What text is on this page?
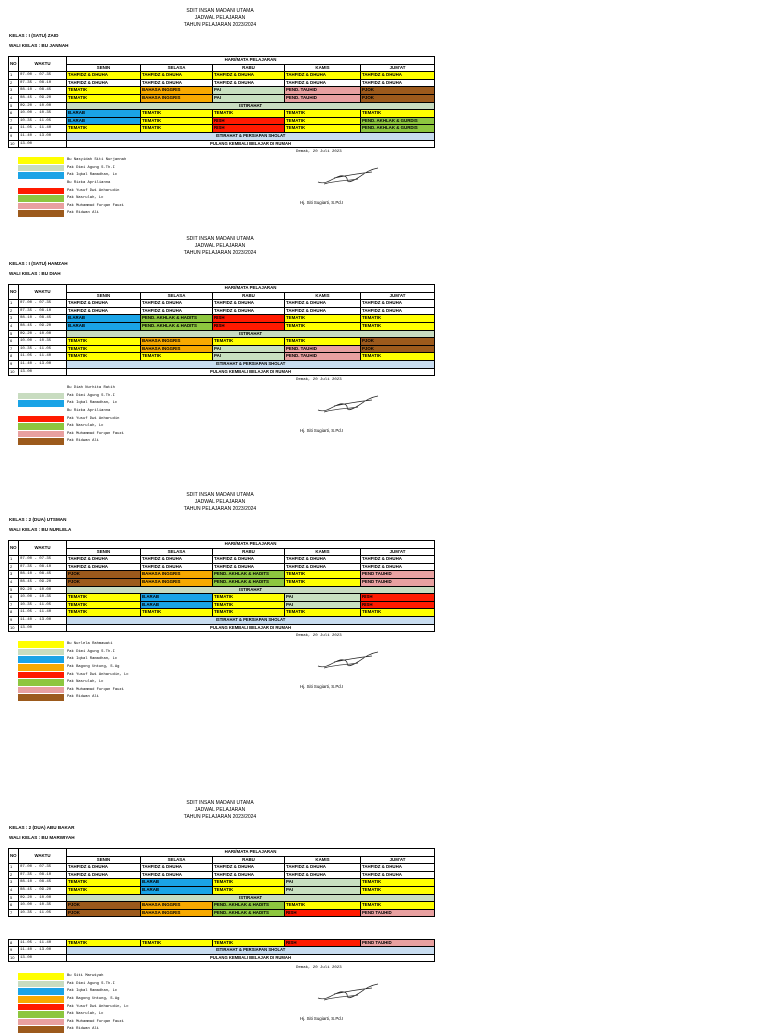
SDIT INSAN MADANI UTAMA
JADWAL PELAJARAN
TAHUN PELAJARAN 2023/2024
KELAS : I (SATU) ZAID
WALI KELAS : BU JANNAH
NO	WAKTU	HARI/MATA PELAJARAN				
		SENIN	SELASA	RABU	KAMIS	JUM'AT
1	07.00 - 07.35	TAHFIDZ & DHUHA	TAHFIDZ & DHUHA	TAHFIDZ & DHUHA	TAHFIDZ & DHUHA	TAHFIDZ & DHUHA
2	07.35 - 08.10	TAHFIDZ & DHUHA	TAHFIDZ & DHUHA	TAHFIDZ & DHUHA	TAHFIDZ & DHUHA	TAHFIDZ & DHUHA
3	08.10 - 08.45	TEMATIK	BAHASA INGGRIS	PAI	PEND. TAUHID	PJOK
4	08.45 - 09.20	TEMATIK	BAHASA INGGRIS	PAI	PEND. TAUHID	PJOK
5	09.20 - 10.00	ISTIRAHAT				
6	10.00 - 10.35	B.ARAB	TEMATIK	TEMATIK	TEMATIK	TEMATIK
7	10.35 - 11.05	B.ARAB	TEMATIK	RISH	TEMATIK	PEND. AKHLAK & GURDIS
8	11.05 - 11.40	TEMATIK	TEMATIK	RISH	TEMATIK	PEND. AKHLAK & GURDIS
9	11.40 - 13.00	ISTIRAHAT & PERSIAPAN SHOLAT				
10	13.00	PULANG KEMBALI BELAJAR DI RUMAH				
Bu Nasyidah Siti Nurjannah
Pak Dimi Agung S.Th.I
Pak Iqbal Ramadhan, Lc
Bu Rizka Aprilianna
Pak Yusuf Dwi Anharudin
Pak Nasrulah, Lc
Pak Muhammad Furqan Fauzi
Pak Ridwan Ali
Demak, 20 Juli 2023
Hj. Siti Sugiarti, S.Pd.I
SDIT INSAN MADANI UTAMA
JADWAL PELAJARAN
TAHUN PELAJARAN 2023/2024
KELAS : I (SATU) HAMZAH
WALI KELAS : BU DIAH
NO	WAKTU	HARI/MATA PELAJARAN				
		SENIN	SELASA	RABU	KAMIS	JUM'AT
1	07.00 - 07.35	TAHFIDZ & DHUHA	TAHFIDZ & DHUHA	TAHFIDZ & DHUHA	TAHFIDZ & DHUHA	TAHFIDZ & DHUHA
2	07.35 - 08.10	TAHFIDZ & DHUHA	TAHFIDZ & DHUHA	TAHFIDZ & DHUHA	TAHFIDZ & DHUHA	TAHFIDZ & DHUHA
3	08.10 - 08.45	B.ARAB	PEND. AKHLAK & HADITS	RISH	TEMATIK	TEMATIK
4	08.45 - 09.20	B.ARAB	PEND. AKHLAK & HADITS	RISH	TEMATIK	TEMATIK
5	09.20 - 10.00	ISTIRAHAT				
6	10.00 - 10.35	TEMATIK	BAHASA INGGRIS	TEMATIK	TEMATIK	PJOK
7	10.35 - 11.05	TEMATIK	BAHASA INGGRIS	PAI	PEND. TAUHID	PJOK
8	11.05 - 11.40	TEMATIK	TEMATIK	PAI	PEND. TAUHID	TEMATIK
9	11.40 - 13.00	ISTIRAHAT & PERSIAPAN SHOLAT				
10	13.00	PULANG KEMBALI BELAJAR DI RUMAH				
Bu Diah Nurhita Ratih
Pak Dimi Agung S.Th.I
Pak Iqbal Ramadhan, Lc
Bu Rizka Aprilianna
Pak Yusuf Dwi Anharudin
Pak Nasrulah, Lc
Pak Muhammad Furqan Fauzi
Pak Ridwan Ali
Demak, 20 Juli 2023
Hj. Siti Sugiarti, S.Pd.I
SDIT INSAN MADANI UTAMA
JADWAL PELAJARAN
TAHUN PELAJARAN 2023/2024
KELAS : 2 (DUA) UTSMAN
WALI KELAS : BU NURLELA
NO	WAKTU	HARI/MATA PELAJARAN				
		SENIN	SELASA	RABU	KAMIS	JUM'AT
1	07.00 - 07.35	TAHFIDZ & DHUHA	TAHFIDZ & DHUHA	TAHFIDZ & DHUHA	TAHFIDZ & DHUHA	TAHFIDZ & DHUHA
2	07.35 - 08.10	TAHFIDZ & DHUHA	TAHFIDZ & DHUHA	TAHFIDZ & DHUHA	TAHFIDZ & DHUHA	TAHFIDZ & DHUHA
3	08.10 - 08.45	PJOK	BAHASA INGGRIS	PEND. AKHLAK & HADITS	TEMATIK	PEND TAUHID
4	08.45 - 09.20	PJOK	BAHASA INGGRIS	PEND. AKHLAK & HADITS	TEMATIK	PEND TAUHID
5	09.20 - 10.00	ISTIRAHAT				
6	10.00 - 10.35	TEMATIK	B.ARAB	TEMATIK	PAI	RISH
7	10.35 - 11.05	TEMATIK	B.ARAB	TEMATIK	PAI	RISH
8	11.05 - 11.40	TEMATIK	TEMATIK	TEMATIK	TEMATIK	TEMATIK
9	11.40 - 13.00	ISTIRAHAT & PERSIAPAN SHOLAT				
10	13.00	PULANG KEMBALI BELAJAR DI RUMAH				
Bu Nurlela Rahmawati
Pak Dimi Agung S.Th.I
Pak Iqbal Ramadhan, Lc
Pak Bagong Untung, S.Ag
Pak Yusuf Dwi Anharudin, Lc
Pak Nasrulah, Lc
Pak Muhammad Furqan Fauzi
Pak Ridwan Ali
Demak, 20 Juli 2023
Hj. Siti Sugiarti, S.Pd.I
SDIT INSAN MADANI UTAMA
JADWAL PELAJARAN
TAHUN PELAJARAN 2023/2024
KELAS : 2 (DUA) ABU BAKAR
WALI KELAS : BU MARWIYAH
NO	WAKTU	HARI/MATA PELAJARAN				
		SENIN	SELASA	RABU	KAMIS	JUM'AT
1	07.00 - 07.35	TAHFIDZ & DHUHA	TAHFIDZ & DHUHA	TAHFIDZ & DHUHA	TAHFIDZ & DHUHA	TAHFIDZ & DHUHA
2	07.35 - 08.10	TAHFIDZ & DHUHA	TAHFIDZ & DHUHA	TAHFIDZ & DHUHA	TAHFIDZ & DHUHA	TAHFIDZ & DHUHA
3	08.10 - 08.45	TEMATIK	B.ARAB	TEMATIK	PAI	TEMATIK
4	08.45 - 09.20	TEMATIK	B.ARAB	TEMATIK	PAI	TEMATIK
5	09.20 - 10.00	ISTIRAHAT				
6	10.00 - 10.35	PJOK	BAHASA INGGRIS	PEND. AKHLAK & HADITS	TEMATIK	TEMATIK
7	10.35 - 11.05	PJOK	BAHASA INGGRIS	PEND. AKHLAK & HADITS	RISH	PEND TAUHID
8	11.05 - 11.40	TEMATIK	TEMATIK	TEMATIK	RISH	PEND TAUHID
9	11.40 - 13.00	ISTIRAHAT & PERSIAPAN SHOLAT				
10	13.00	PULANG KEMBALI BELAJAR DI RUMAH				
Bu Siti Marwiyah
Pak Dimi Agung S.Th.I
Pak Iqbal Ramadhan, Lc
Pak Bagong Untung, S.Ag
Pak Yusuf Dwi Anharudin, Lc
Pak Nasrulah, Lc
Pak Muhammad Furqan Fauzi
Pak Ridwan Ali
Demak, 20 Juli 2023
Hj. Siti Sugiarti, S.Pd.I
